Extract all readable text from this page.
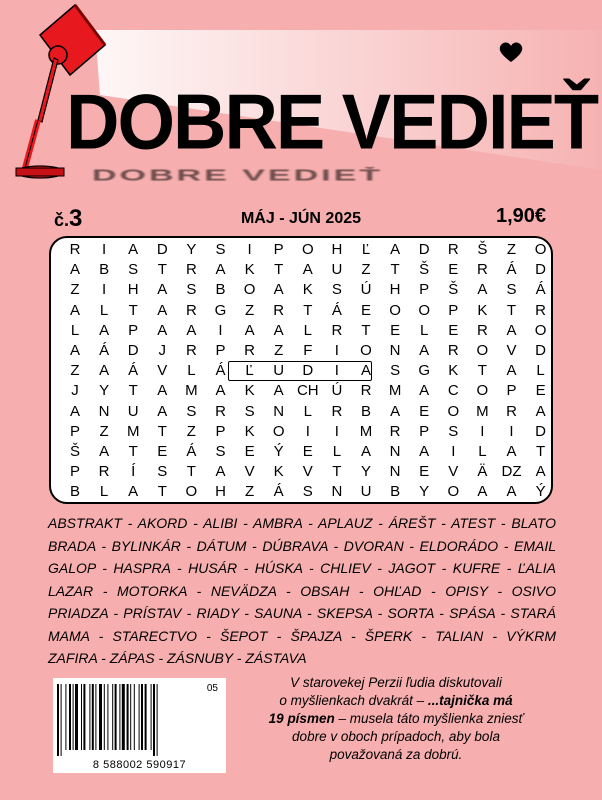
DOBRE VEDIEŤ
DOBRE VEDIEŤ
č.3	MÁJ - JÚN 2025	1,90€
R	I	A	D	Y	S	I	P	O	H	Ľ	A	D	R	Š	Z	O
A	B	S	T	R	A	K	T	A	U	Z	T	Š	E	R	Á	D
Z	I	H	A	S	B	O	A	K	S	Ú	H	P	Š	A	S	Á
A	L	T	A	R	G	Z	R	T	Á	E	O	O	P	K	T	R
L	A	P	A	A	I	A	A	L	R	T	E	L	E	R	A	O
A	Á	D	J	R	P	R	Z	F	I	O	N	A	R	O	V	D
Z	A	Á	V	L	Á	Ľ	U	D	I	A	S	G	K	T	A	L
J	Y	T	A	M	A	K	A CH Ú	R	M	A	C	O	P	E
A	N	U	A	S	R	S	N	L	R	B	A	E	O	M	R	A
P	Z	M	T	Z	P	K	O	I	I	M	R	P	S	I	I	D
Š	A	T	E	Á	S	E	Ý	E	L	A	N	A	I	L	A	T
P	R	Í	S	T	A	V	K	V	T	Y	N	E	V	Ä DZ A
B	L	A	T	O	H	Z	Á	S	N	U	B	Y	O	A	A	Ý
ABSTRAKT - AKORD - ALIBI - AMBRA - APLAUZ - ÁREŠT - ATEST - BLATO
BRADA - BYLINKÁR - DÁTUM - DÚBRAVA - DVORAN - ELDORÁDO - EMAIL
GALOP - HASPRA - HUSÁR - HÚSKA - CHLIEV - JAGOT - KUFRE - ĽALIA
LAZAR - MOTORKA - NEVÄDZA - OBSAH - OHĽAD - OPISY - OSIVO
PRIADZA - PRÍSTAV - RIADY - SAUNA - SKEPSA - SORTA - SPÁSA - STARÁ
MAMA - STARECTVO - ŠEPOT - ŠPAJZA - ŠPERK - TALIAN - VÝKRM
ZAFIRA - ZÁPAS - ZÁSNUBY - ZÁSTAVA
05
8 588002 590917
V starovekej Perzii ľudia diskutovali
o myšlienkach dvakrát – ...tajnička má
19 písmen – musela táto myšlienka zniesť
dobre v oboch prípadoch, aby bola
považovaná za dobrú.
